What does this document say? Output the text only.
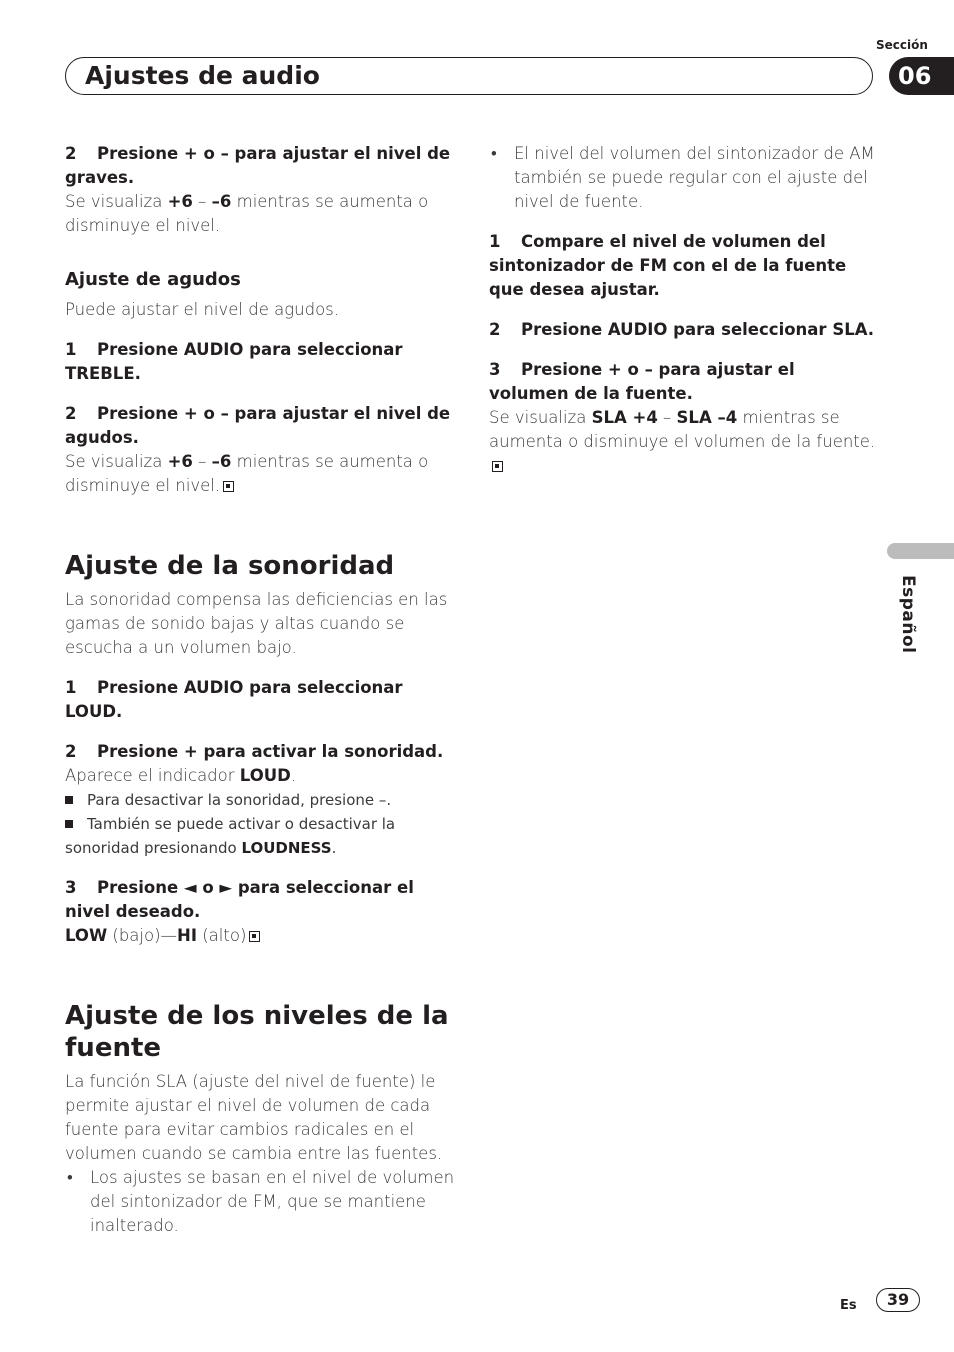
Sección
Ajustes de audio	06
Español

2 Presione + o – para ajustar el nivel de graves.

Se visualiza +6 – –6 mientras se aumenta o disminuye el nivel.

Ajuste de agudos

Puede ajustar el nivel de agudos.

1 Presione AUDIO para seleccionar TREBLE.

2 Presione + o – para ajustar el nivel de agudos.

Se visualiza +6 – –6 mientras se aumenta o disminuye el nivel.

Ajuste de la sonoridad

La sonoridad compensa las deficiencias en las gamas de sonido bajas y altas cuando se escucha a un volumen bajo.

1 Presione AUDIO para seleccionar LOUD.

2 Presione + para activar la sonoridad.

Aparece el indicador LOUD.

Para desactivar la sonoridad, presione –.

También se puede activar o desactivar la sonoridad presionando LOUDNESS.

3 Presione ◄ o ► para seleccionar el nivel deseado.

LOW (bajo)—HI (alto)

Ajuste de los niveles de la fuente

La función SLA (ajuste del nivel de fuente) le permite ajustar el nivel de volumen de cada fuente para evitar cambios radicales en el volumen cuando se cambia entre las fuentes.

• Los ajustes se basan en el nivel de volumen del sintonizador de FM, que se mantiene inalterado.

• El nivel del volumen del sintonizador de AM también se puede regular con el ajuste del nivel de fuente.

1 Compare el nivel de volumen del sintonizador de FM con el de la fuente que desea ajustar.

2 Presione AUDIO para seleccionar SLA.

3 Presione + o – para ajustar el volumen de la fuente.

Se visualiza SLA +4 – SLA –4 mientras se aumenta o disminuye el volumen de la fuente.

Es	39
